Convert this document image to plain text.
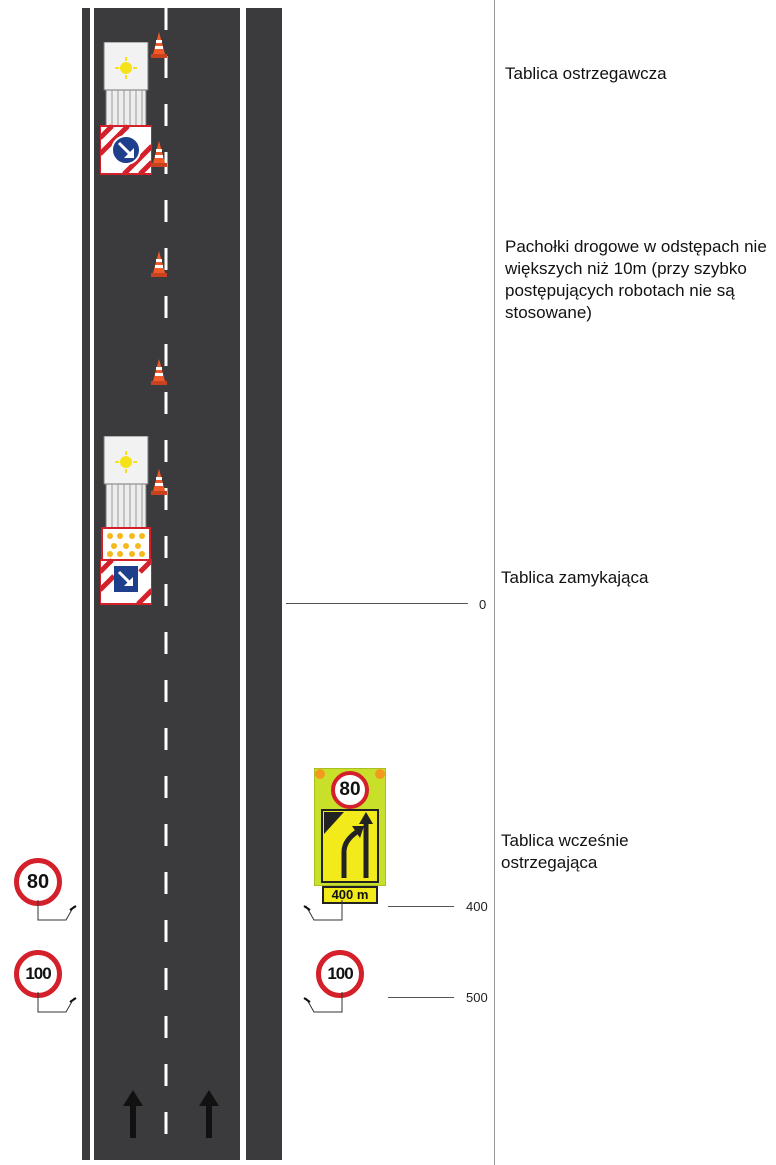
80
400 m
80
100	100
0
400
500
Tablica ostrzegawcza
Pachołki drogowe w odstępach nie większych niż 10m (przy szybko postępujących robotach nie są stosowane)
Tablica zamykająca
Tablica wcześnie ostrzegająca
